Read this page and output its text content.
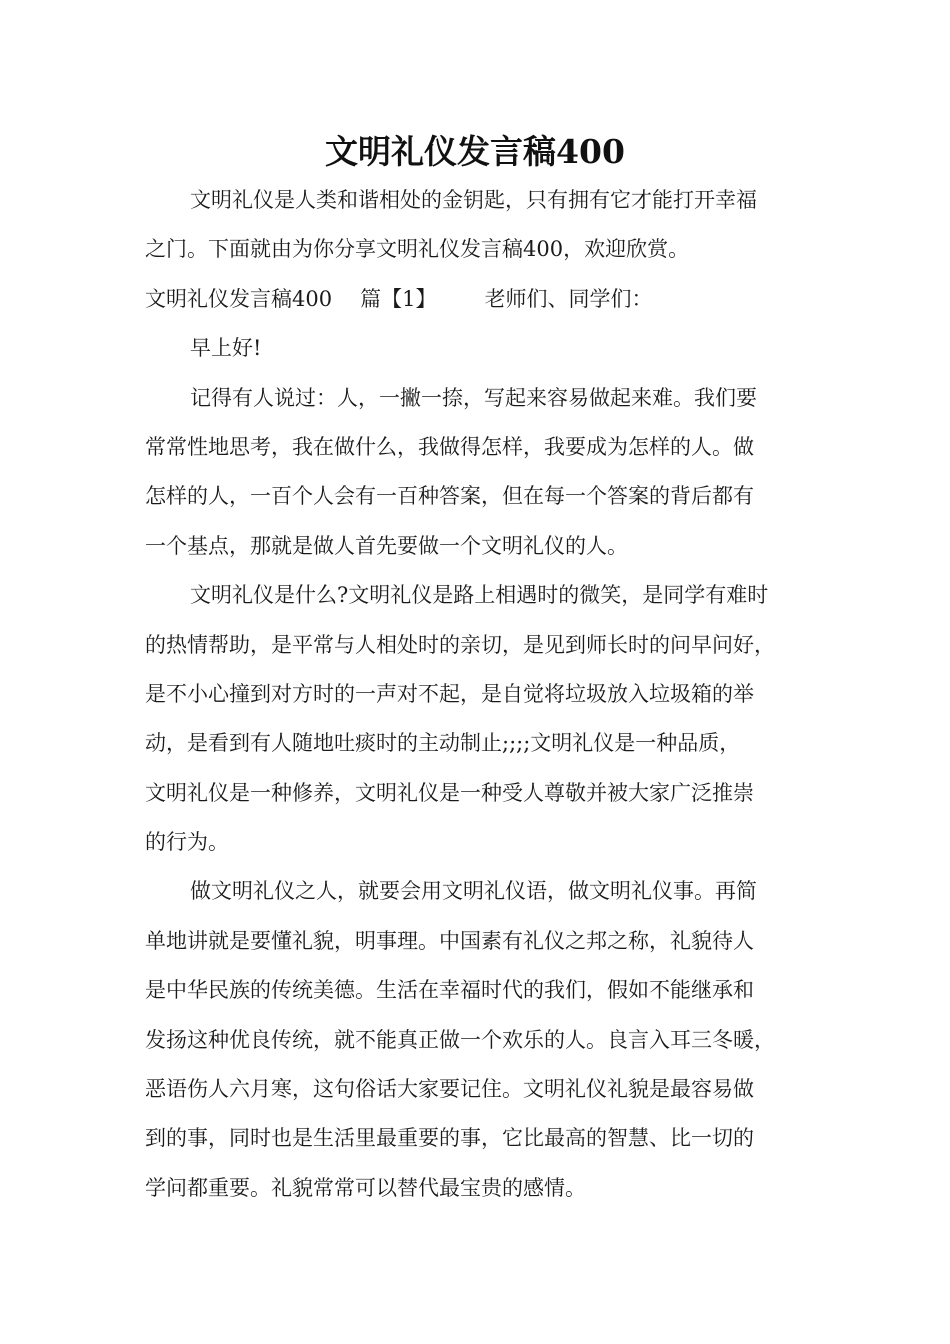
文明礼仪发言稿400
文明礼仪是人类和谐相处的金钥匙，只有拥有它才能打开幸福
之门。下面就由为你分享文明礼仪发言稿400，欢迎欣赏。
文明礼仪发言稿400 篇【1】 老师们、同学们：
早上好!
记得有人说过：人，一撇一捺，写起来容易做起来难。我们要
常常性地思考，我在做什么，我做得怎样，我要成为怎样的人。做
怎样的人，一百个人会有一百种答案，但在每一个答案的背后都有
一个基点，那就是做人首先要做一个文明礼仪的人。
文明礼仪是什么?文明礼仪是路上相遇时的微笑，是同学有难时
的热情帮助，是平常与人相处时的亲切，是见到师长时的问早问好，
是不小心撞到对方时的一声对不起，是自觉将垃圾放入垃圾箱的举
动，是看到有人随地吐痰时的主动制止;;;;文明礼仪是一种品质，
文明礼仪是一种修养，文明礼仪是一种受人尊敬并被大家广泛推崇
的行为。
做文明礼仪之人，就要会用文明礼仪语，做文明礼仪事。再简
单地讲就是要懂礼貌，明事理。中国素有礼仪之邦之称，礼貌待人
是中华民族的传统美德。生活在幸福时代的我们，假如不能继承和
发扬这种优良传统，就不能真正做一个欢乐的人。良言入耳三冬暖，
恶语伤人六月寒，这句俗话大家要记住。文明礼仪礼貌是最容易做
到的事，同时也是生活里最重要的事，它比最高的智慧、比一切的
学问都重要。礼貌常常可以替代最宝贵的感情。
